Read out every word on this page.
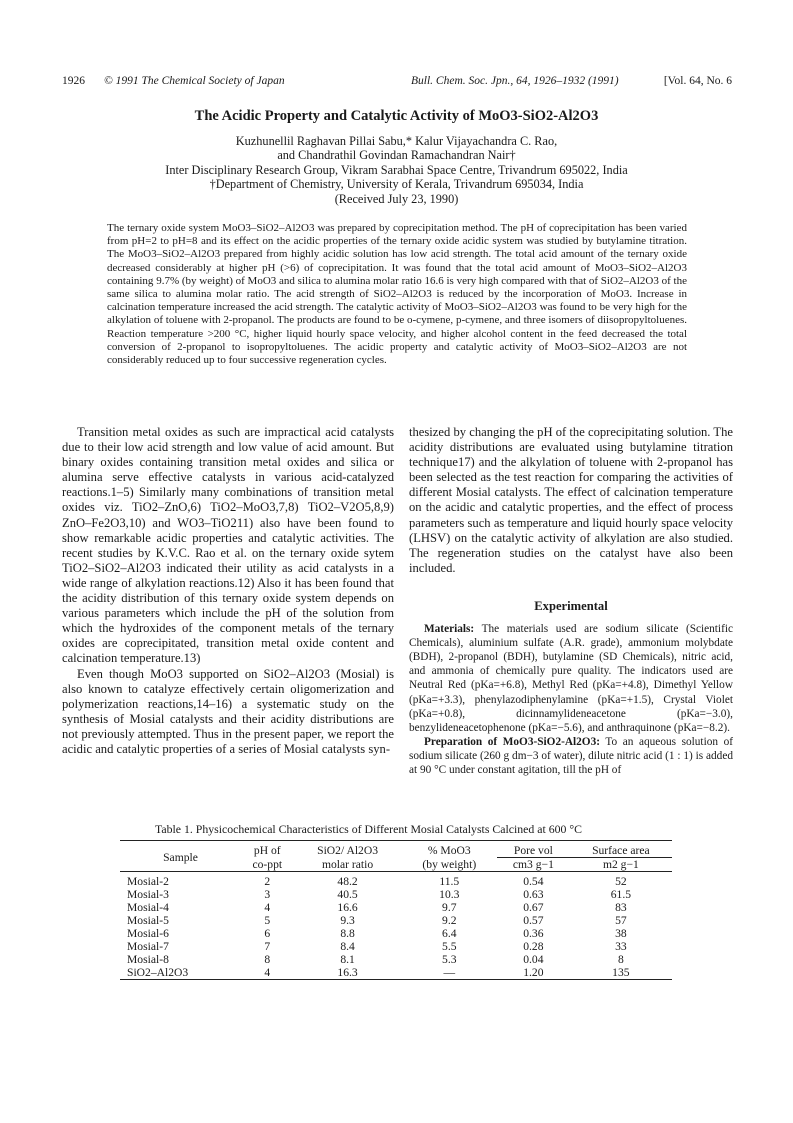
1926 © 1991 The Chemical Society of Japan	Bull. Chem. Soc. Jpn., 64, 1926–1932 (1991)	[Vol. 64, No. 6
The Acidic Property and Catalytic Activity of MoO3-SiO2-Al2O3
Kuzhunellil Raghavan Pillai Sabu,* Kalur Vijayachandra C. Rao,
and Chandrathil Govindan Ramachandran Nair†
Inter Disciplinary Research Group, Vikram Sarabhai Space Centre, Trivandrum 695022, India
†Department of Chemistry, University of Kerala, Trivandrum 695034, India
(Received July 23, 1990)
The ternary oxide system MoO3–SiO2–Al2O3 was prepared by coprecipitation method. The pH of coprecipitation has been varied from pH=2 to pH=8 and its effect on the acidic properties of the ternary oxide acidic system was studied by butylamine titration. The MoO3–SiO2–Al2O3 prepared from highly acidic solution has low acid strength. The total acid amount of the ternary oxide decreased considerably at higher pH (>6) of coprecipitation. It was found that the total acid amount of MoO3–SiO2–Al2O3 containing 9.7% (by weight) of MoO3 and silica to alumina molar ratio 16.6 is very high compared with that of SiO2–Al2O3 of the same silica to alumina molar ratio. The acid strength of SiO2–Al2O3 is reduced by the incorporation of MoO3. Increase in calcination temperature increased the acid strength. The catalytic activity of MoO3–SiO2–Al2O3 was found to be very high for the alkylation of toluene with 2-propanol. The products are found to be o-cymene, p-cymene, and three isomers of diisopropyltoluenes. Reaction temperature >200 °C, higher liquid hourly space velocity, and higher alcohol content in the feed decreased the total conversion of 2-propanol to isopropyltoluenes. The acidic property and catalytic activity of MoO3–SiO2–Al2O3 are not considerably reduced up to four successive regeneration cycles.

Transition metal oxides as such are impractical acid catalysts due to their low acid strength and low value of acid amount. But binary oxides containing transition metal oxides and silica or alumina serve effective catalysts in various acid-catalyzed reactions.1–5) Similarly many combinations of transition metal oxides viz. TiO2–ZnO,6) TiO2–MoO3,7,8) TiO2–V2O5,8,9) ZnO–Fe2O3,10) and WO3–TiO211) also have been found to show remarkable acidic properties and catalytic activities. The recent studies by K.V.C. Rao et al. on the ternary oxide sytem TiO2–SiO2–Al2O3 indicated their utility as acid catalysts in a wide range of alkylation reactions.12) Also it has been found that the acidity distribution of this ternary oxide system depends on various parameters which include the pH of the solution from which the hydroxides of the component metals of the ternary oxides are coprecipitated, transition metal oxide content and calcination temperature.13)

Even though MoO3 supported on SiO2–Al2O3 (Mosial) is also known to catalyze effectively certain oligomerization and polymerization reactions,14–16) a systematic study on the synthesis of Mosial catalysts and their acidity distributions are not previously attempted. Thus in the present paper, we report the acidic and catalytic properties of a series of Mosial catalysts syn-

thesized by changing the pH of the coprecipitating solution. The acidity distributions are evaluated using butylamine titration technique17) and the alkylation of toluene with 2-propanol has been selected as the test reaction for comparing the activities of different Mosial catalysts. The effect of calcination temperature on the acidic and catalytic properties, and the effect of process parameters such as temperature and liquid hourly space velocity (LHSV) on the catalytic activity of alkylation are also studied. The regeneration studies on the catalyst have also been included.

Experimental

Materials: The materials used are sodium silicate (Scientific Chemicals), aluminium sulfate (A.R. grade), ammonium molybdate (BDH), 2-propanol (BDH), butylamine (SD Chemicals), nitric acid, and ammonia of chemically pure quality. The indicators used are Neutral Red (pKa=+6.8), Methyl Red (pKa=+4.8), Dimethyl Yellow (pKa=+3.3), phenylazodiphenylamine (pKa=+1.5), Crystal Violet (pKa=+0.8), dicinnamylideneacetone (pKa=−3.0), benzylideneacetophenone (pKa=−5.6), and anthraquinone (pKa=−8.2).

Preparation of MoO3-SiO2-Al2O3: To an aqueous solution of sodium silicate (260 g dm−3 of water), dilute nitric acid (1 : 1) is added at 90 °C under constant agitation, till the pH of

Table 1. Physicochemical Characteristics of Different Mosial Catalysts Calcined at 600 °C
Sample	pH of	SiO2/ Al2O3	% MoO3	Pore vol	Surface area
	co-ppt	molar ratio	(by weight)	cm3 g−1	m2 g−1
Mosial-2	2	48.2	11.5	0.54	52
Mosial-3	3	40.5	10.3	0.63	61.5
Mosial-4	4	16.6	9.7	0.67	83
Mosial-5	5	9.3	9.2	0.57	57
Mosial-6	6	8.8	6.4	0.36	38
Mosial-7	7	8.4	5.5	0.28	33
Mosial-8	8	8.1	5.3	0.04	8
SiO2–Al2O3	4	16.3	—	1.20	135
